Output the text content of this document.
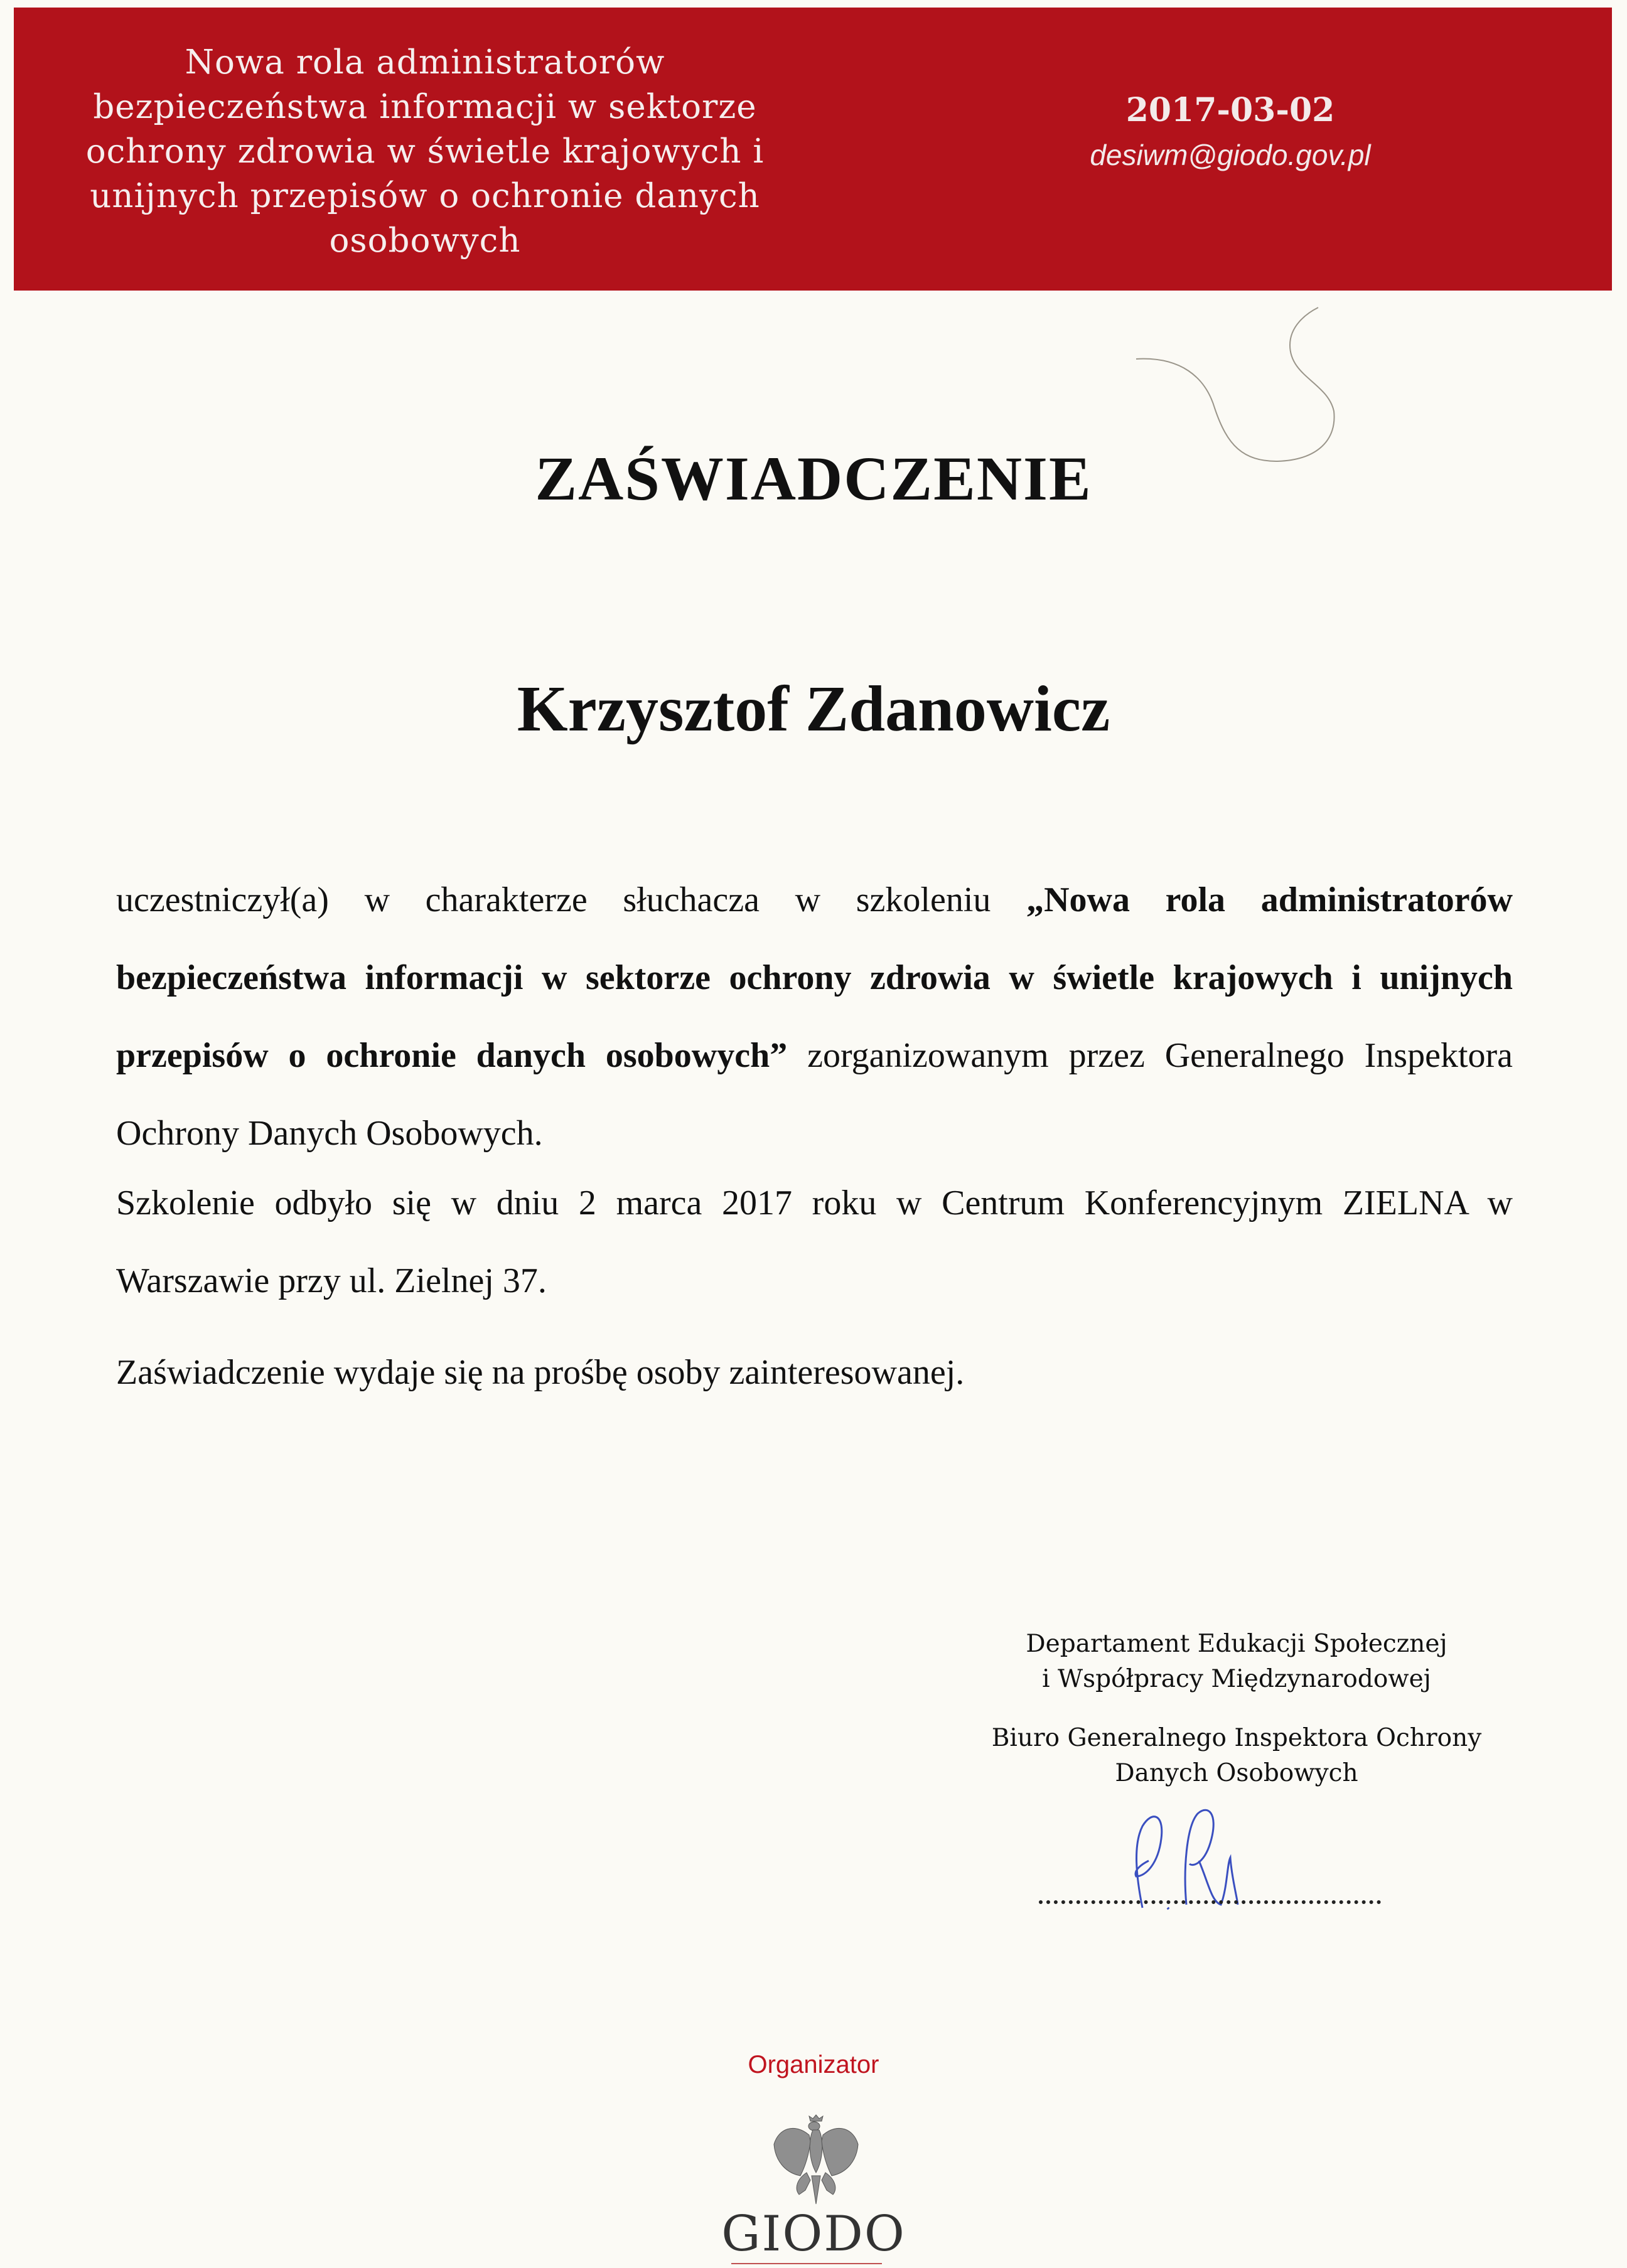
Nowa rola administratorów
bezpieczeństwa informacji w sektorze
ochrony zdrowia w świetle krajowych i
unijnych przepisów o ochronie danych
osobowych
2017-03-02
desiwm@giodo.gov.pl
ZAŚWIADCZENIE
Krzysztof Zdanowicz

uczestniczył(a) w charakterze słuchacza w szkoleniu „Nowa rola administratorów bezpieczeństwa informacji w sektorze ochrony zdrowia w świetle krajowych i unijnych przepisów o ochronie danych osobowych” zorganizowanym przez Generalnego Inspektora Ochrony Danych Osobowych.

Szkolenie odbyło się w dniu 2 marca 2017 roku w Centrum Konferencyjnym ZIELNA w Warszawie przy ul. Zielnej 37.

Zaświadczenie wydaje się na prośbę osoby zainteresowanej.

Departament Edukacji Społecznej
i Współpracy Międzynarodowej
Biuro Generalnego Inspektora Ochrony
Danych Osobowych
Organizator
GIODO
